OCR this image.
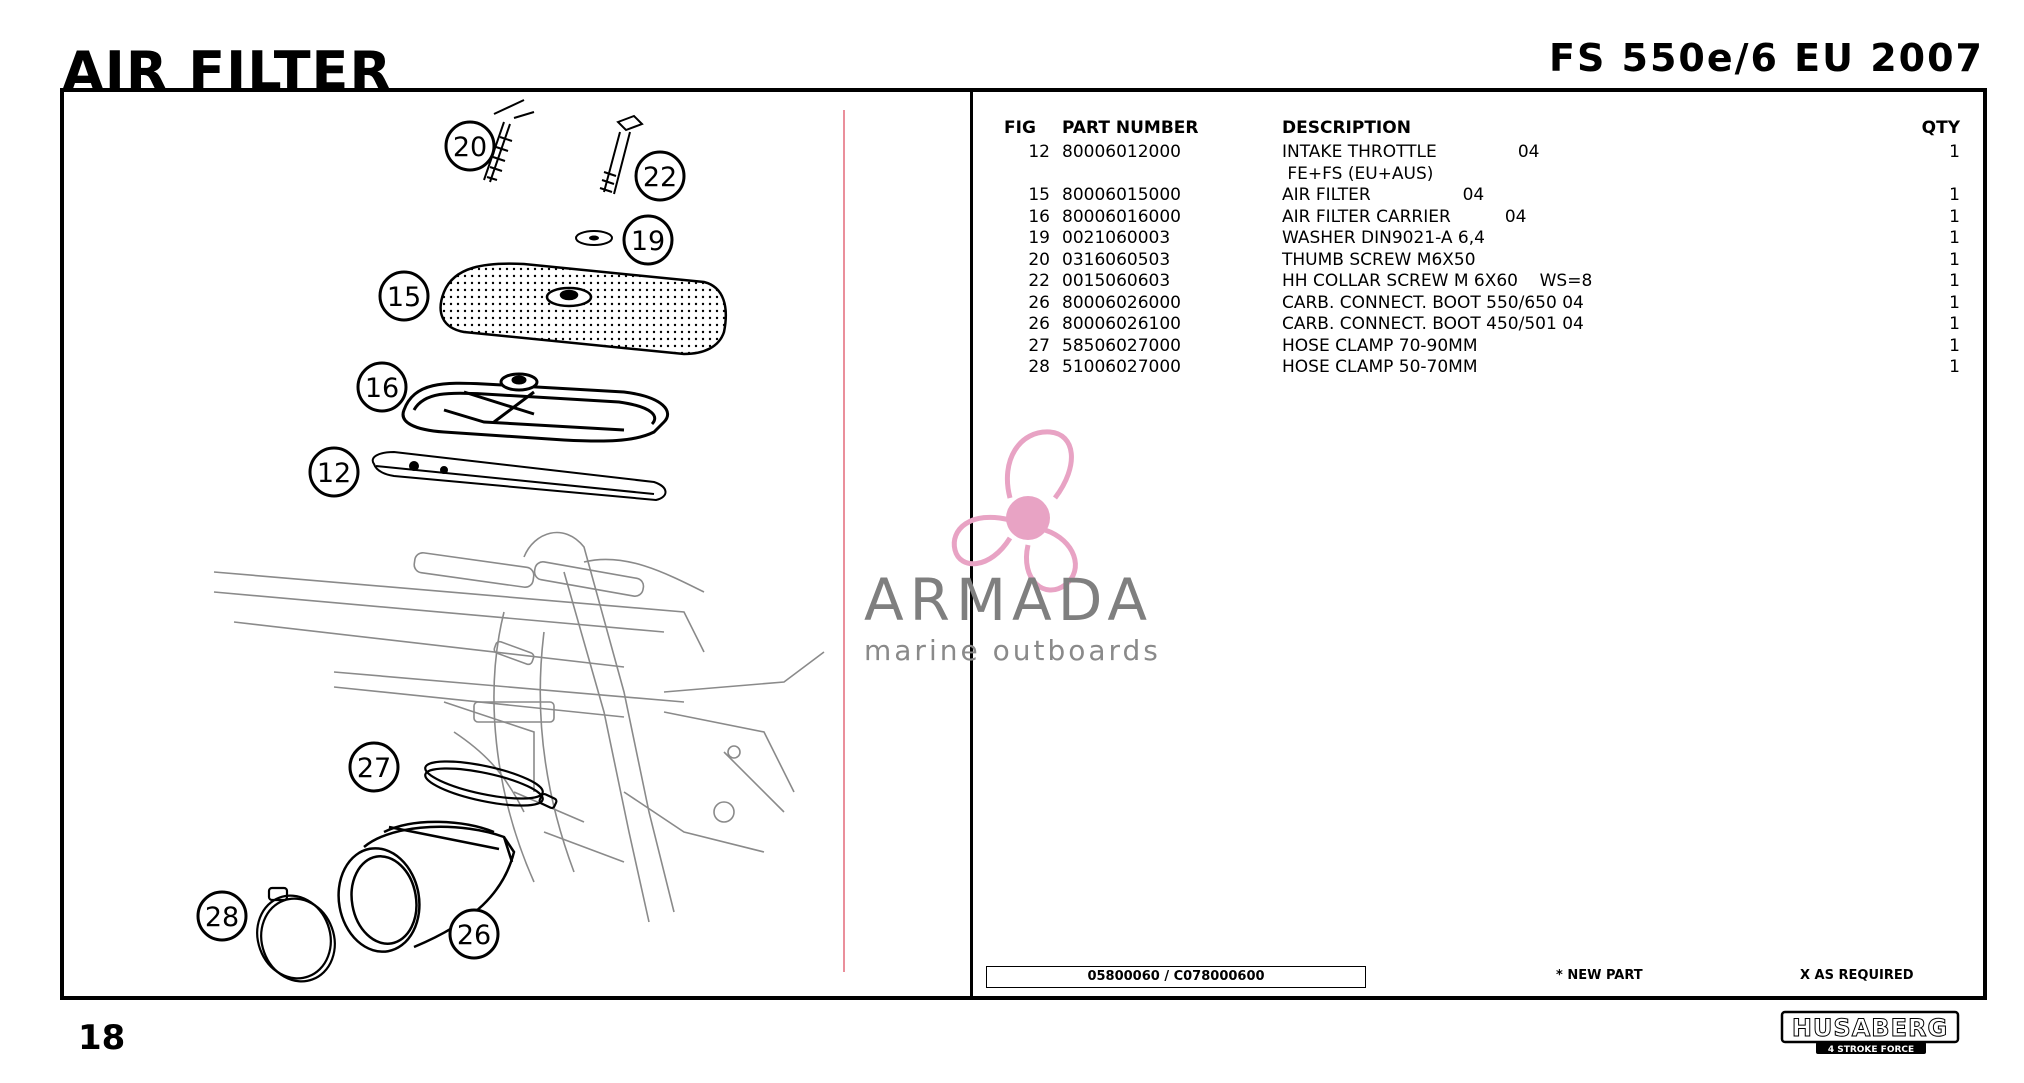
AIR FILTER	FS 550e/6 EU 2007
20
22
19
15
16
12
27
28
26
FIG	PART NUMBER	DESCRIPTION	QTY
12 80006012000	INTAKE THROTTLE               04	1
FE+FS (EU+AUS)
15 80006015000	AIR FILTER                 04	1
16 80006016000	AIR FILTER CARRIER          04	1
19 0021060003	WASHER DIN9021-A 6,4	1
20 0316060503	THUMB SCREW M6X50	1
22 0015060603	HH COLLAR SCREW M 6X60    WS=8	1
26 80006026000	CARB. CONNECT. BOOT 550/650 04	1
26 80006026100	CARB. CONNECT. BOOT 450/501 04	1
27 58506027000	HOSE CLAMP 70-90MM	1
28 51006027000	HOSE CLAMP 50-70MM	1
05800060 / C078000600	* NEW PART	X AS REQUIRED
18
ARMADA
marine outboards
HUSABERG
4 STROKE FORCE
